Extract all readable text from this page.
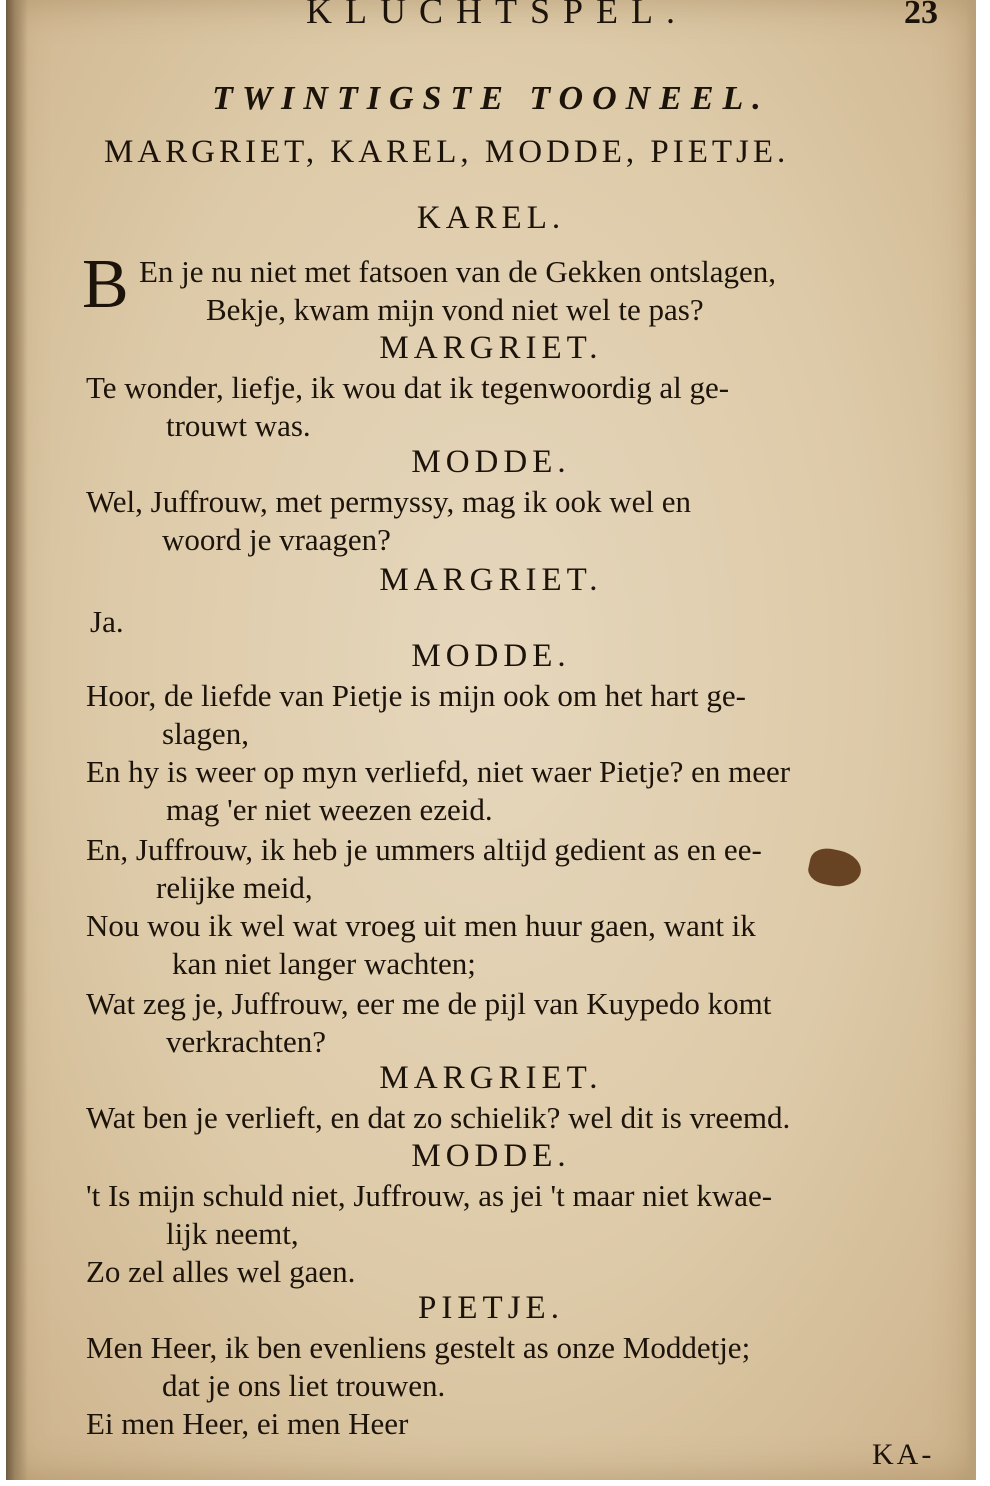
KLUCHTSPEL.	23
TWINTIGSTE TOONEEL.
MARGRIET, KAREL, MODDE, PIETJE.
KAREL.
B En je nu niet met fatsoen van de Gekken ontslagen,
Bekje, kwam mijn vond niet wel te pas?
MARGRIET.
Te wonder, liefje, ik wou dat ik tegenwoordig al ge-
trouwt was.
MODDE.
Wel, Juffrouw, met permyssy, mag ik ook wel en
woord je vraagen?
MARGRIET.
Ja.
MODDE.
Hoor, de liefde van Pietje is mijn ook om het hart ge-
slagen,
En hy is weer op myn verliefd, niet waer Pietje? en meer
mag 'er niet weezen ezeid.
En, Juffrouw, ik heb je ummers altijd gedient as en ee-
relijke meid,
Nou wou ik wel wat vroeg uit men huur gaen, want ik
kan niet langer wachten;
Wat zeg je, Juffrouw, eer me de pijl van Kuypedo komt
verkrachten?
MARGRIET.
Wat ben je verlieft, en dat zo schielik? wel dit is vreemd.
MODDE.
't Is mijn schuld niet, Juffrouw, as jei 't maar niet kwae-
lijk neemt,
Zo zel alles wel gaen.
PIETJE.
Men Heer, ik ben evenliens gestelt as onze Moddetje;
dat je ons liet trouwen.
Ei men Heer, ei men Heer
KA-
